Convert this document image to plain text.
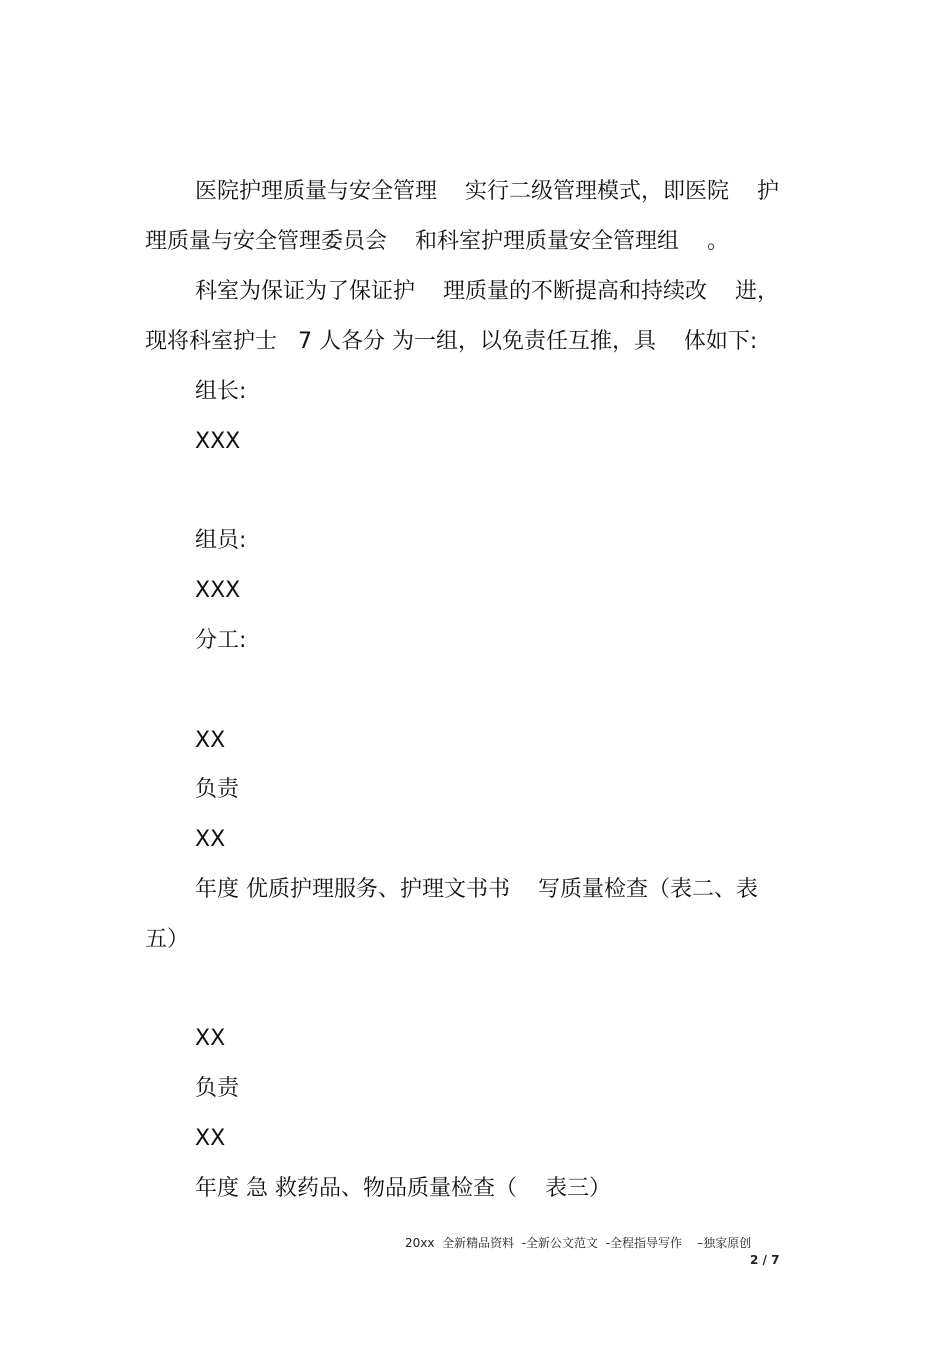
医院护理质量与安全管理    实行二级管理模式，即医院    护
理质量与安全管理委员会    和科室护理质量安全管理组    。
科室为保证为了保证护    理质量的不断提高和持续改    进，
现将科室护士   7 人各分 为一组，以免责任互推，具    体如下:
组长:
XXX
组员:
XXX
分工:
XX
负责
XX
年度 优质护理服务、护理文书书    写质量检查（表二、表
五）
XX
负责
XX
年度 急 救药品、物品质量检查（    表三）
20xx  全新精品资料  -全新公文范文  -全程指导写作    –独家原创
2 / 7
